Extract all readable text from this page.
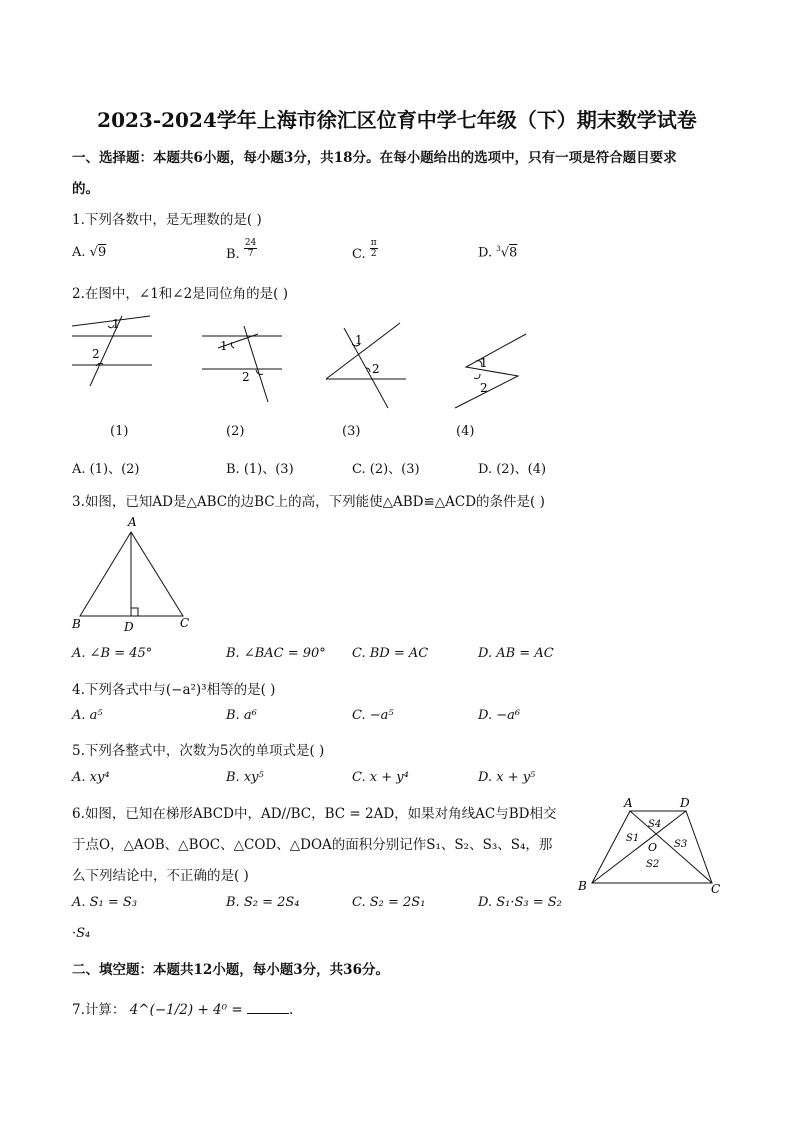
2023-2024学年上海市徐汇区位育中学七年级（下）期末数学试卷
一、选择题：本题共6小题，每小题3分，共18分。在每小题给出的选项中，只有一项是符合题目要求
的。
1.下列各数中，是无理数的是( )
A. √9	B. $\frac{24}{7}$	C. $\frac{\pi}{2}$	D. $^3$√8
2.在图中，∠1和∠2是同位角的是( )
1
2
1
2
1
2	1
2
(1)	(2)	(3)	(4)
A. (1)、(2)	B. (1)、(3)	C. (2)、(3)	D. (2)、(4)
3.如图，已知AD是△ABC的边BC上的高，下列能使△ABD≌△ACD的条件是( )
A
B	D	C
A. ∠B = 45°	B. ∠BAC = 90° C. BD = AC	D. AB = AC
4.下列各式中与(−a²)³相等的是( )
A. a⁵	B. a⁶	C. −a⁵	D. −a⁶
5.下列各整式中，次数为5次的单项式是( )
A. xy⁴	B. xy⁵	C. x + y⁴	D. x + y⁵
6.如图，已知在梯形ABCD中，AD//BC，BC = 2AD，如果对角线AC与BD相交
于点O，△AOB、△BOC、△COD、△DOA的面积分别记作S₁、S₂、S₃、S₄，那
么下列结论中，不正确的是( )
A	D
B	C
O
S4
S1
S3
S2
A. S₁ = S₃	B. S₂ = 2S₄	C. S₂ = 2S₁	D. S₁·S₃ = S₂
·S₄
二、填空题：本题共12小题，每小题3分，共36分。
7.计算： 4^(−1/2) + 4⁰ =	.
